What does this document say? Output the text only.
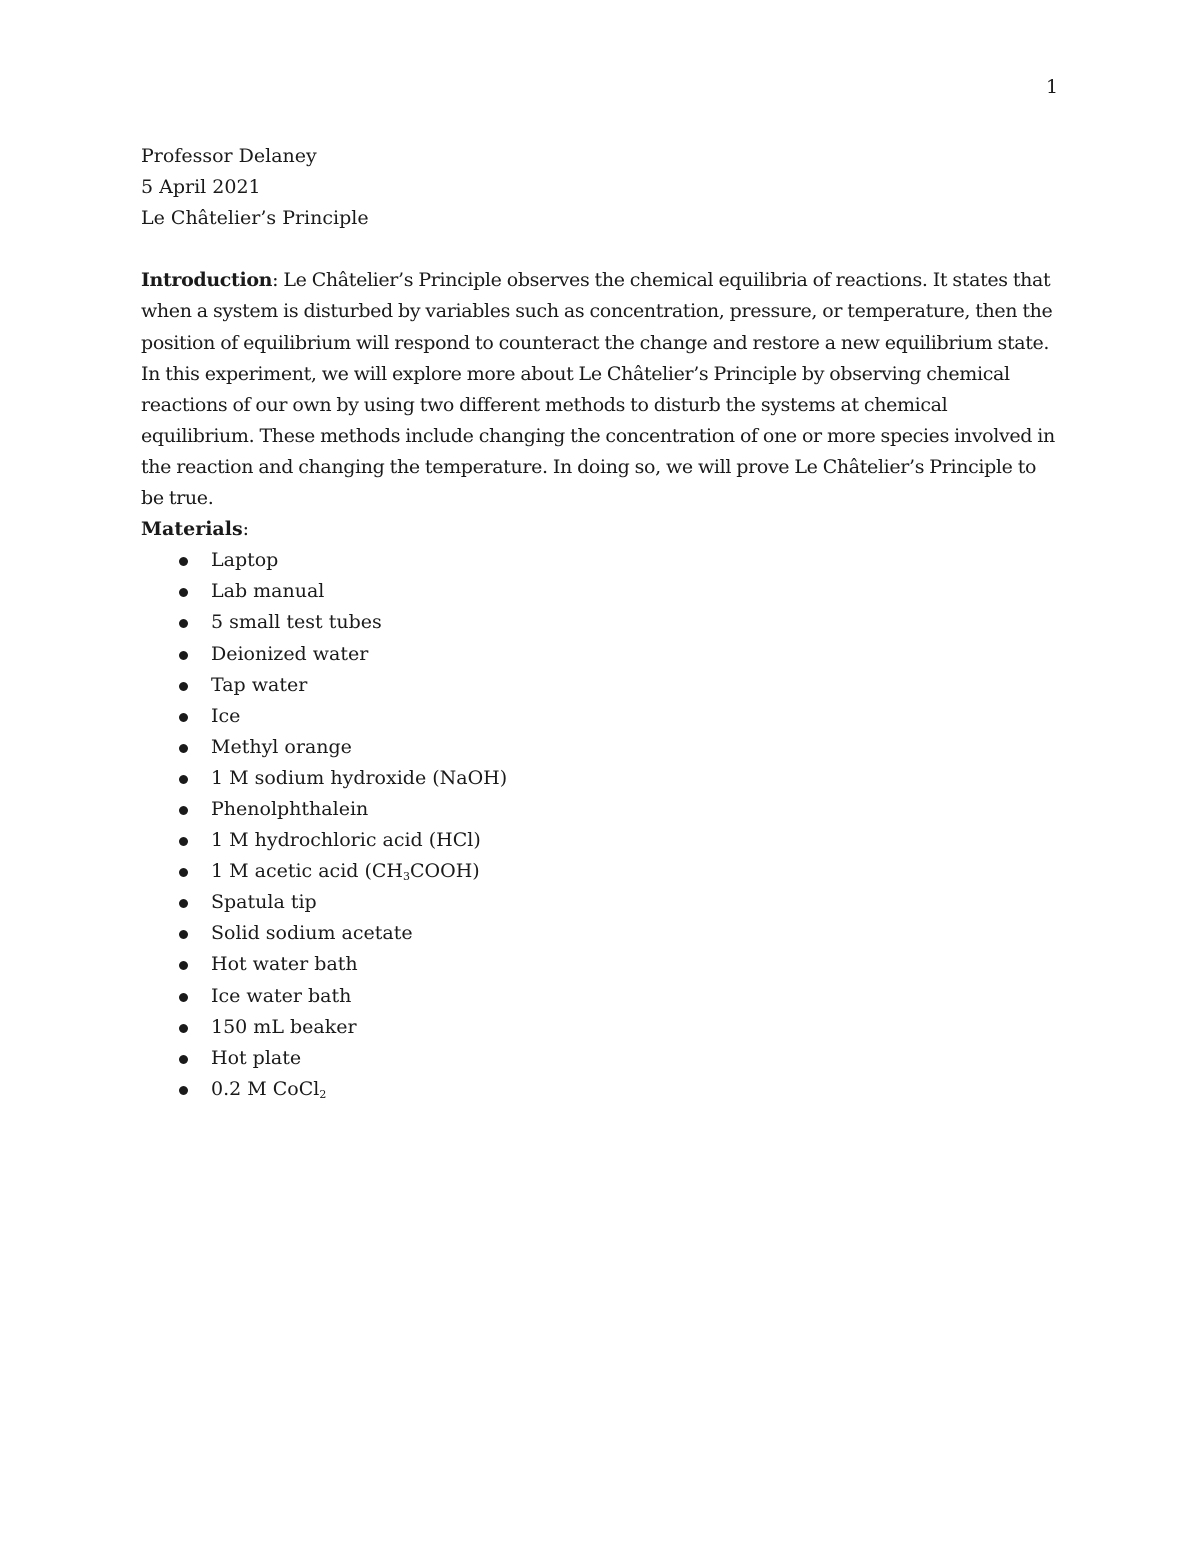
1
Professor Delaney
5 April 2021
Le Châtelier’s Principle

Introduction: Le Châtelier’s Principle observes the chemical equilibria of reactions. It states that when a system is disturbed by variables such as concentration, pressure, or temperature, then the position of equilibrium will respond to counteract the change and restore a new equilibrium state. In this experiment, we will explore more about Le Châtelier’s Principle by observing chemical reactions of our own by using two different methods to disturb the systems at chemical equilibrium. These methods include changing the concentration of one or more species involved in the reaction and changing the temperature. In doing so, we will prove Le Châtelier’s Principle to be true.

Materials:
Laptop
Lab manual
5 small test tubes
Deionized water
Tap water
Ice
Methyl orange
1 M sodium hydroxide (NaOH)
Phenolphthalein
1 M hydrochloric acid (HCl)
1 M acetic acid $(CH_3COOH)$
Spatula tip
Solid sodium acetate
Hot water bath
Ice water bath
150 mL beaker
Hot plate
0.2 M CoCl$_2$
